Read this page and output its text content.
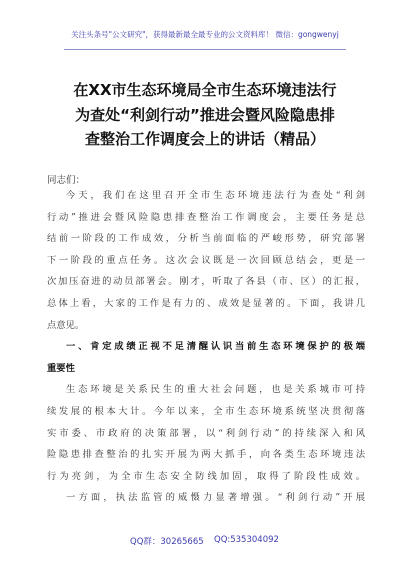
关注头条号"公文研究"，获得最新最全最专业的公文资料库！ 微信：gongwenyj
在XX市生态环境局全市生态环境违法行
为查处“利剑行动”推进会暨风险隐患排
查整治工作调度会上的讲话（精品）
同志们：
今天，我们在这里召开全市生态环境违法行为查处“利剑
行动”推进会暨风险隐患排查整治工作调度会，主要任务是总
结前一阶段的工作成效，分析当前面临的严峻形势，研究部署
下一阶段的重点任务。这次会议既是一次回顾总结会，更是一
次加压奋进的动员部署会。刚才，听取了各县（市、区）的汇报，
总体上看，大家的工作是有力的、成效是显著的。下面，我讲几
点意见。
一、肯定成绩正视不足清醒认识当前生态环境保护的极端
重要性
生态环境是关系民生的重大社会问题，也是关系城市可持
续发展的根本大计。今年以来，全市生态环境系统坚决贯彻落
实市委、市政府的决策部署，以“利剑行动”的持续深入和风
险隐患排查整治的扎实开展为两大抓手，向各类生态环境违法
行为亮剑，为全市生态安全防线加固，取得了阶段性成效。
一方面，执法监管的威慑力显著增强。“利剑行动”开展
QQ群：30265665 QQ:535304092
